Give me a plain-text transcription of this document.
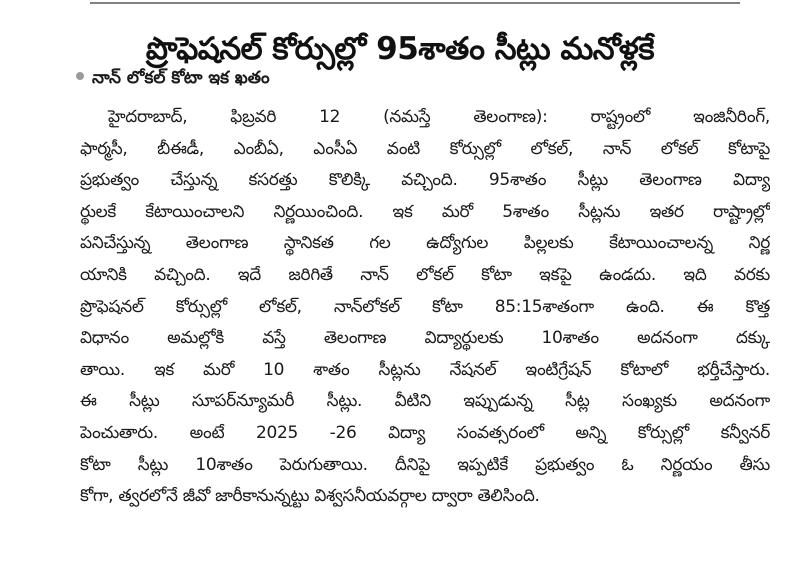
ప్రొఫెషనల్ కోర్సుల్లో 95శాతం సీట్లు మనోళ్లకే
నాన్ లోకల్ కోటా ఇక ఖతం
హైదరాబాద్, ఫిబ్రవరి 12 (నమస్తే తెలంగాణ): రాష్ట్రంలో ఇంజినీరింగ్,
ఫార్మసీ, బీఈడీ, ఎంబీఏ, ఎంసీఏ వంటి కోర్సుల్లో లోకల్, నాన్ లోకల్ కోటాపై
ప్రభుత్వం చేస్తున్న కసరత్తు కొలిక్కి వచ్చింది. 95శాతం సీట్లు తెలంగాణ విద్యా
ర్థులకే కేటాయించాలని నిర్ణయించింది. ఇక మరో 5శాతం సీట్లను ఇతర రాష్ట్రాల్లో
పనిచేస్తున్న తెలంగాణ స్థానికత గల ఉద్యోగుల పిల్లలకు కేటాయించాలన్న నిర్ణ
యానికి వచ్చింది. ఇదే జరిగితే నాన్ లోకల్ కోటా ఇకపై ఉండదు. ఇది వరకు
ప్రొఫెషనల్ కోర్సుల్లో లోకల్, నాన్‌లోకల్ కోటా 85:15శాతంగా ఉంది. ఈ కొత్త
విధానం అమల్లోకి వస్తే తెలంగాణ విద్యార్థులకు 10శాతం అదనంగా దక్కు
తాయి. ఇక మరో 10 శాతం సీట్లను నేషనల్ ఇంటిగ్రేషన్ కోటాలో భర్తీచేస్తారు.
ఈ సీట్లు సూపర్‌న్యూమరీ సీట్లు. వీటిని ఇప్పుడున్న సీట్ల సంఖ్యకు అదనంగా
పెంచుతారు. అంటే 2025 -26 విద్యా సంవత్సరంలో అన్ని కోర్సుల్లో కన్వీనర్
కోటా సీట్లు 10శాతం పెరుగుతాయి. దీనిపై ఇప్పటికే ప్రభుత్వం ఓ నిర్ణయం తీసు
కోగా, త్వరలోనే జీవో జారీకానున్నట్టు విశ్వసనీయవర్గాల ద్వారా తెలిసింది.
